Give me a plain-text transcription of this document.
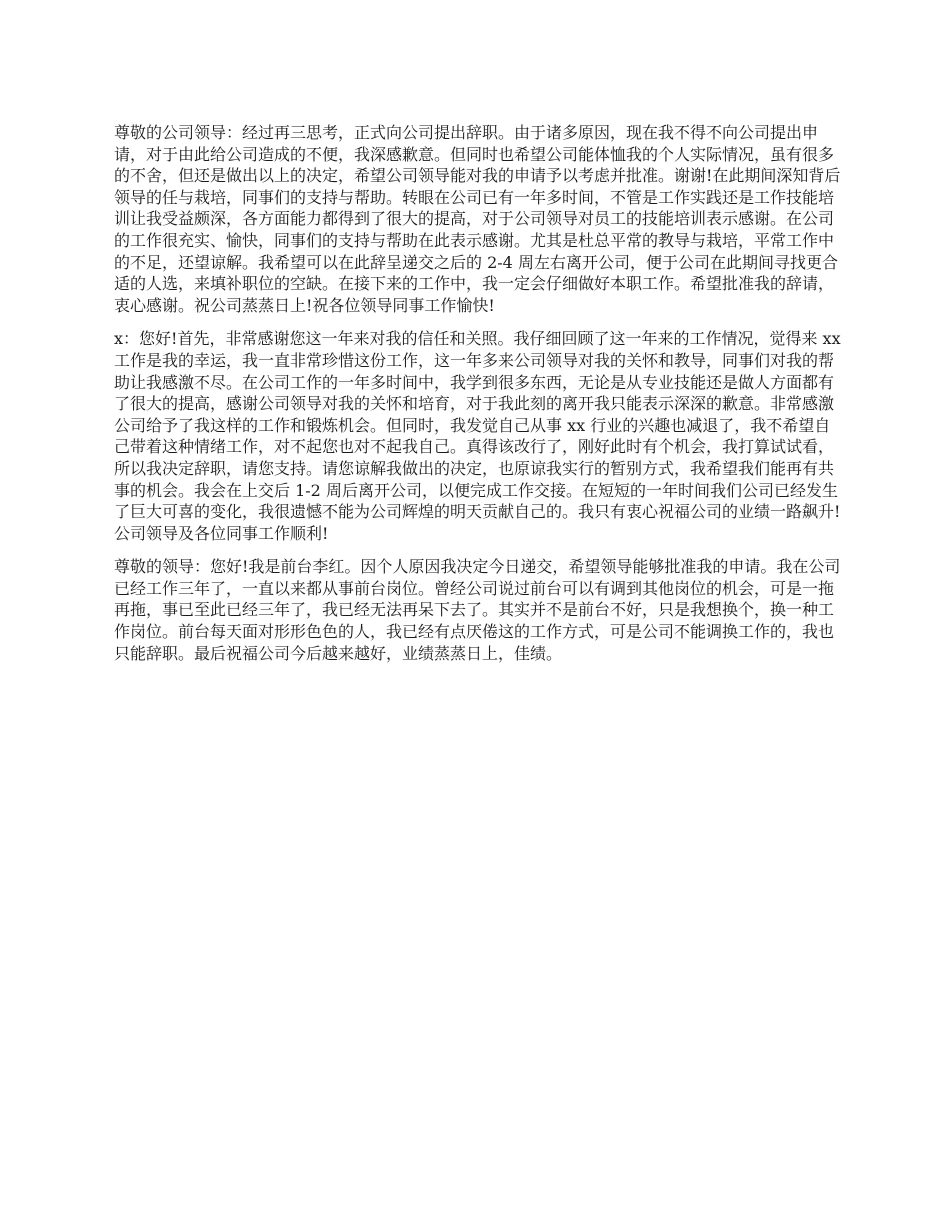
尊敬的公司领导：经过再三思考，正式向公司提出辞职。由于诸多原因，现在我不得不向公司提出申请，对于由此给公司造成的不便，我深感歉意。但同时也希望公司能体恤我的个人实际情况，虽有很多的不舍，但还是做出以上的决定，希望公司领导能对我的申请予以考虑并批准。谢谢!在此期间深知背后领导的任与栽培，同事们的支持与帮助。转眼在公司已有一年多时间，不管是工作实践还是工作技能培训让我受益颇深，各方面能力都得到了很大的提高，对于公司领导对员工的技能培训表示感谢。在公司的工作很充实、愉快，同事们的支持与帮助在此表示感谢。尤其是杜总平常的教导与栽培，平常工作中的不足，还望谅解。我希望可以在此辞呈递交之后的 2-4 周左右离开公司，便于公司在此期间寻找更合适的人选，来填补职位的空缺。在接下来的工作中，我一定会仔细做好本职工作。希望批准我的辞请，衷心感谢。祝公司蒸蒸日上!祝各位领导同事工作愉快!

x：您好!首先，非常感谢您这一年来对我的信任和关照。我仔细回顾了这一年来的工作情况，觉得来 xx 工作是我的幸运，我一直非常珍惜这份工作，这一年多来公司领导对我的关怀和教导，同事们对我的帮助让我感激不尽。在公司工作的一年多时间中，我学到很多东西，无论是从专业技能还是做人方面都有了很大的提高，感谢公司领导对我的关怀和培育，对于我此刻的离开我只能表示深深的歉意。非常感激公司给予了我这样的工作和锻炼机会。但同时，我发觉自己从事 xx 行业的兴趣也减退了，我不希望自己带着这种情绪工作，对不起您也对不起我自己。真得该改行了，刚好此时有个机会，我打算试试看，所以我决定辞职，请您支持。请您谅解我做出的决定，也原谅我实行的暂别方式，我希望我们能再有共事的机会。我会在上交后 1-2 周后离开公司，以便完成工作交接。在短短的一年时间我们公司已经发生了巨大可喜的变化，我很遗憾不能为公司辉煌的明天贡献自己的。我只有衷心祝福公司的业绩一路飙升!公司领导及各位同事工作顺利!

尊敬的领导：您好!我是前台李红。因个人原因我决定今日递交，希望领导能够批准我的申请。我在公司已经工作三年了，一直以来都从事前台岗位。曾经公司说过前台可以有调到其他岗位的机会，可是一拖再拖，事已至此已经三年了，我已经无法再呆下去了。其实并不是前台不好，只是我想换个，换一种工作岗位。前台每天面对形形色色的人，我已经有点厌倦这的工作方式，可是公司不能调换工作的，我也只能辞职。最后祝福公司今后越来越好，业绩蒸蒸日上，佳绩。
